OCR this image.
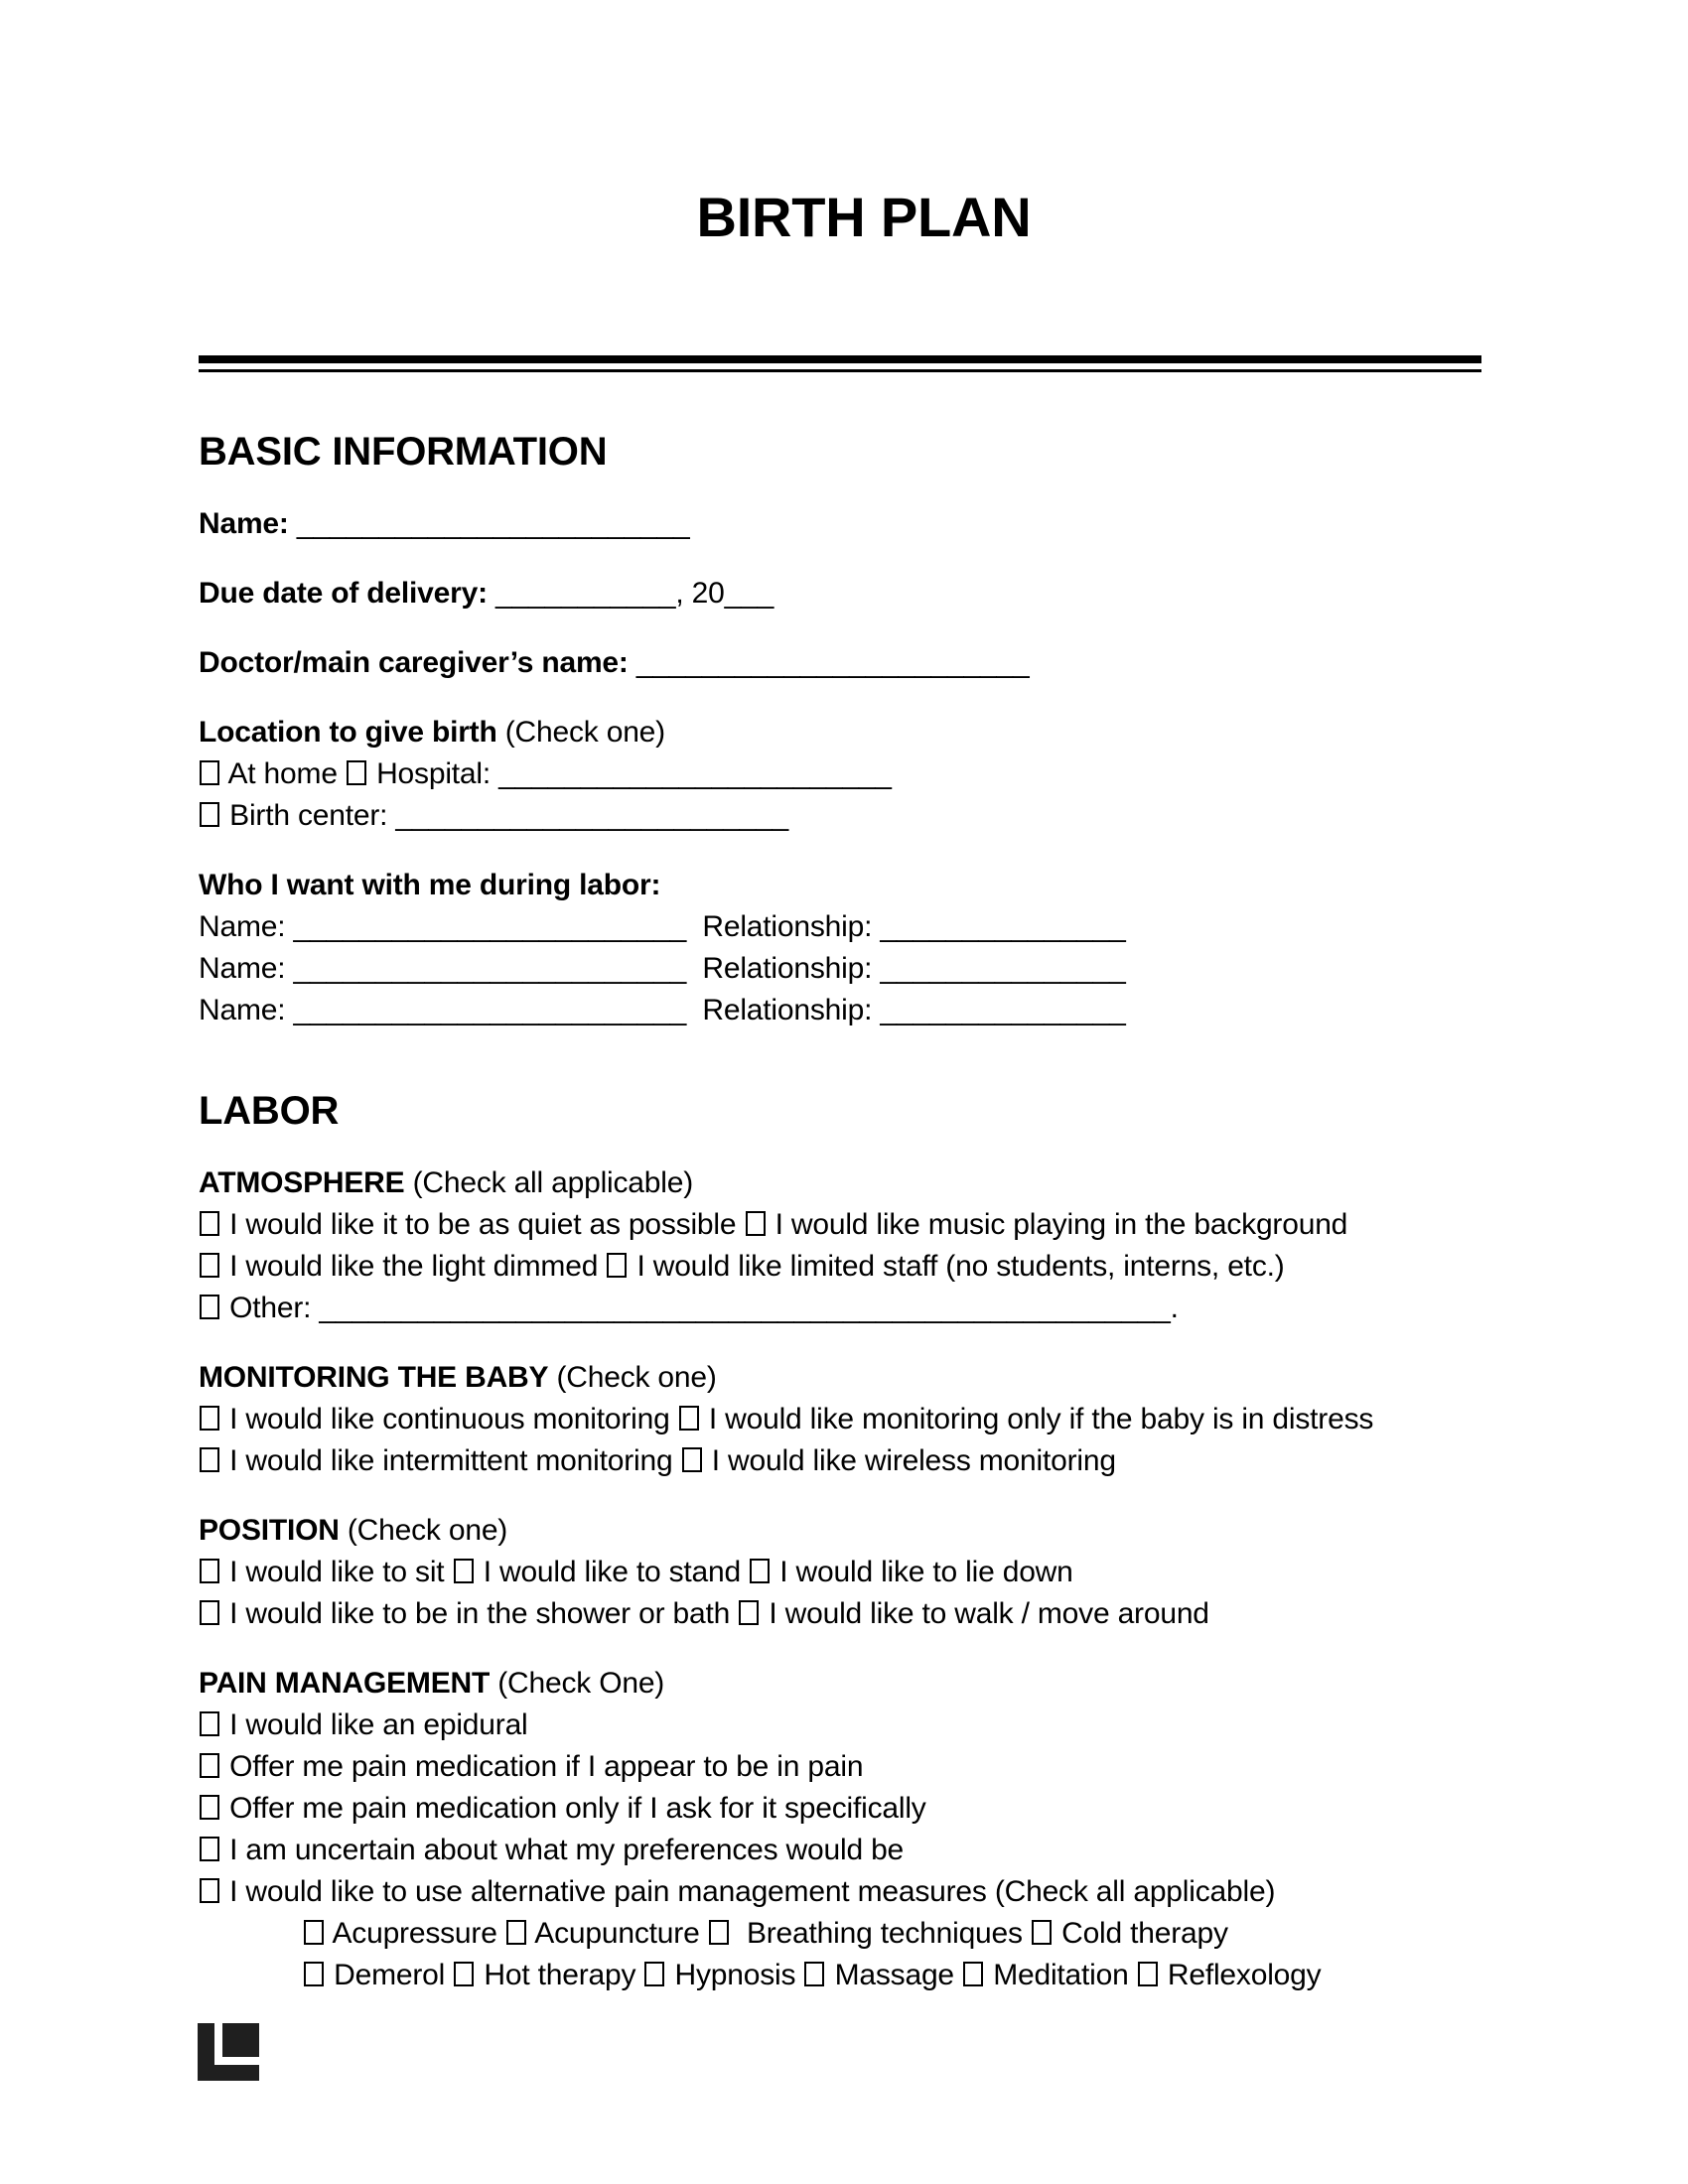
BIRTH PLAN
BASIC INFORMATION

Name: ________________________

Due date of delivery: ___________, 20___

Doctor/main caregiver’s name: ________________________

Location to give birth (Check one)
At home  Hospital: ________________________
Birth center: ________________________
Who I want with me during labor:
Name: ________________________  Relationship: _______________
Name: ________________________  Relationship: _______________
Name: ________________________  Relationship: _______________
LABOR
ATMOSPHERE (Check all applicable)
I would like it to be as quiet as possible  I would like music playing in the background
I would like the light dimmed  I would like limited staff (no students, interns, etc.)
Other: ____________________________________________________.
MONITORING THE BABY (Check one)
I would like continuous monitoring  I would like monitoring only if the baby is in distress
I would like intermittent monitoring  I would like wireless monitoring
POSITION (Check one)
I would like to sit  I would like to stand  I would like to lie down
I would like to be in the shower or bath  I would like to walk / move around
PAIN MANAGEMENT (Check One)
I would like an epidural
Offer me pain medication if I appear to be in pain
Offer me pain medication only if I ask for it specifically
I am uncertain about what my preferences would be
I would like to use alternative pain management measures (Check all applicable)
Acupressure  Acupuncture   Breathing techniques  Cold therapy
Demerol  Hot therapy  Hypnosis  Massage  Meditation  Reflexology
